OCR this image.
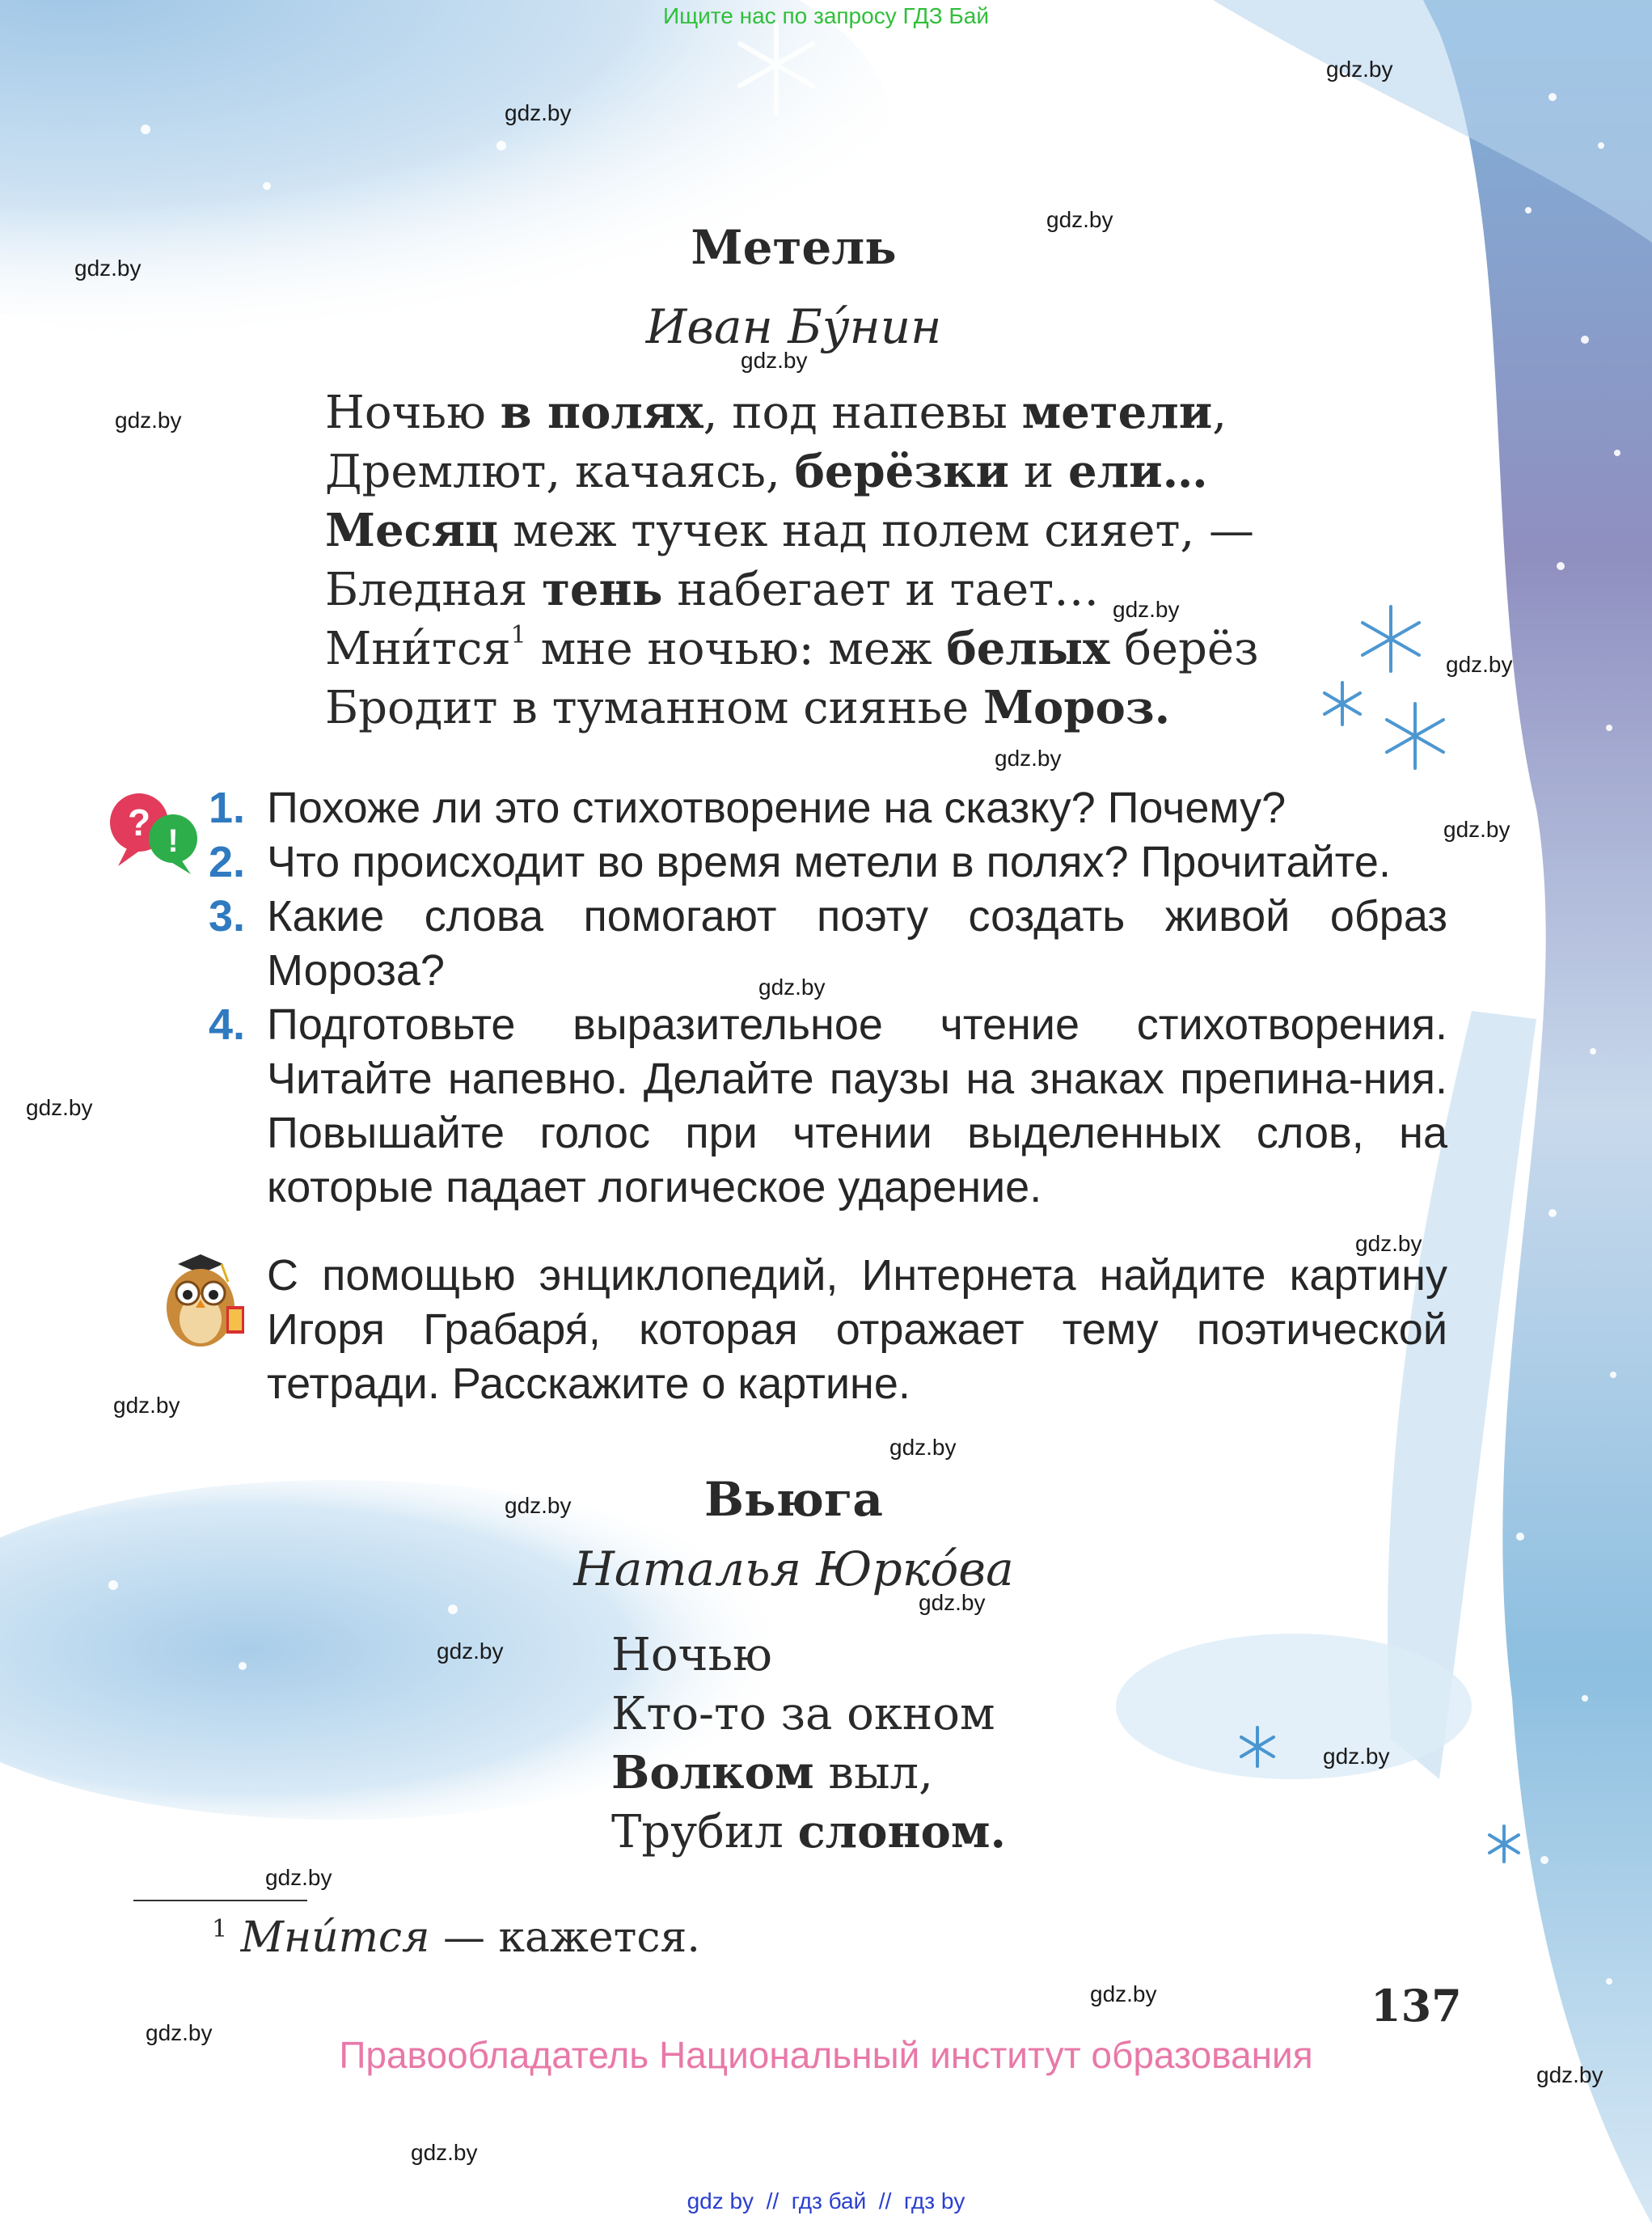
Ищите нас по запросу ГДЗ Бай
Метель
Иван Бунин
Ночью в полях, под напевы метели,
Дремлют, качаясь, берёзки и ели…
Месяц меж тучек над полем сияет, —
Бледная тень набегает и тает…
Мнится$^1$ мне ночью: меж белых берёз
Бродит в туманном сиянье Мороз.
? !
1. Похоже ли это стихотворение на сказку? Почему?
2. Что происходит во время метели в полях? Прочитайте.
3. Какие слова помогают поэту создать живой образ Мороза?
4. Подготовьте выразительное чтение стихотворения. Читайте напевно. Делайте паузы на знаках препина-ния. Повышайте голос при чтении выделенных слов, на которые падает логическое ударение.
С помощью энциклопедий, Интернета найдите картину Игоря Грабаря́, которая отражает тему поэтической тетради. Расскажите о картине.
Вьюга
Наталья Юрко́ва
Ночью
Кто-то за окном
Волком выл,
Трубил слоном.
$^1$ Мни́тся — кажется.
137
Правообладатель Национальный институт образования
gdz by  //  гдз бай  //  гдз by
gdz.by
gdz.by
gdz.by
gdz.by
gdz.by
gdz.by
gdz.by
gdz.by
gdz.by
gdz.by
gdz.by
gdz.by
gdz.by
gdz.by
gdz.by
gdz.by
gdz.by
gdz.by
gdz.by
gdz.by
gdz.by
gdz.by
gdz.by
gdz.by
